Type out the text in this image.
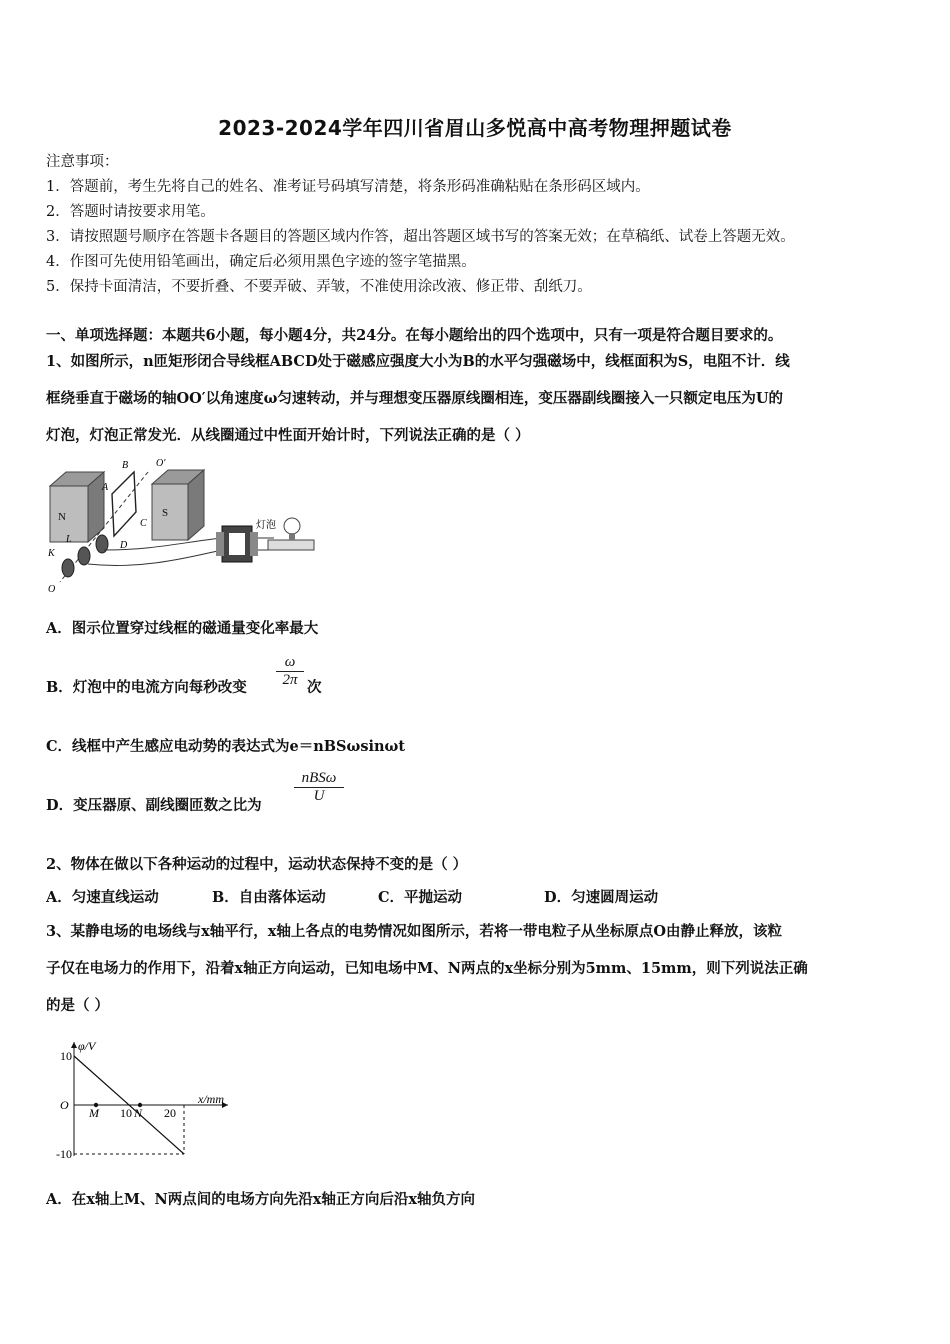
2023-2024学年四川省眉山多悦高中高考物理押题试卷
注意事项：
1．答题前，考生先将自己的姓名、准考证号码填写清楚，将条形码准确粘贴在条形码区域内。
2．答题时请按要求用笔。
3．请按照题号顺序在答题卡各题目的答题区域内作答，超出答题区域书写的答案无效；在草稿纸、试卷上答题无效。
4．作图可先使用铅笔画出，确定后必须用黑色字迹的签字笔描黑。
5．保持卡面清洁，不要折叠、不要弄破、弄皱，不准使用涂改液、修正带、刮纸刀。
一、单项选择题：本题共6小题，每小题4分，共24分。在每小题给出的四个选项中，只有一项是符合题目要求的。
1、如图所示，n匝矩形闭合导线框ABCD处于磁感应强度大小为B的水平匀强磁场中，线框面积为S，电阻不计．线
框绕垂直于磁场的轴OO′以角速度ω匀速转动，并与理想变压器原线圈相连，变压器副线圈接入一只额定电压为U的
灯泡，灯泡正常发光．从线圈通过中性面开始计时，下列说法正确的是（ ）
N	S
B
A
C
D
O′
K
L
O
灯泡
A．图示位置穿过线框的磁通量变化率最大
B．灯泡中的电流方向每秒改变
ω
2π 次
C．线框中产生感应电动势的表达式为e＝nBSωsinωt
D．变压器原、副线圈匝数之比为
nBSω
U
2、物体在做以下各种运动的过程中，运动状态保持不变的是（ ）
A．匀速直线运动	B．自由落体运动	C．平抛运动	D．匀速圆周运动
3、某静电场的电场线与x轴平行，x轴上各点的电势情况如图所示，若将一带电粒子从坐标原点O由静止释放，该粒
子仅在电场力的作用下，沿着x轴正方向运动，已知电场中M、N两点的x坐标分别为5mm、15mm，则下列说法正确
的是（ ）
φ/V
x/mm
O
10
-10
10	20
M	N
A．在x轴上M、N两点间的电场方向先沿x轴正方向后沿x轴负方向
